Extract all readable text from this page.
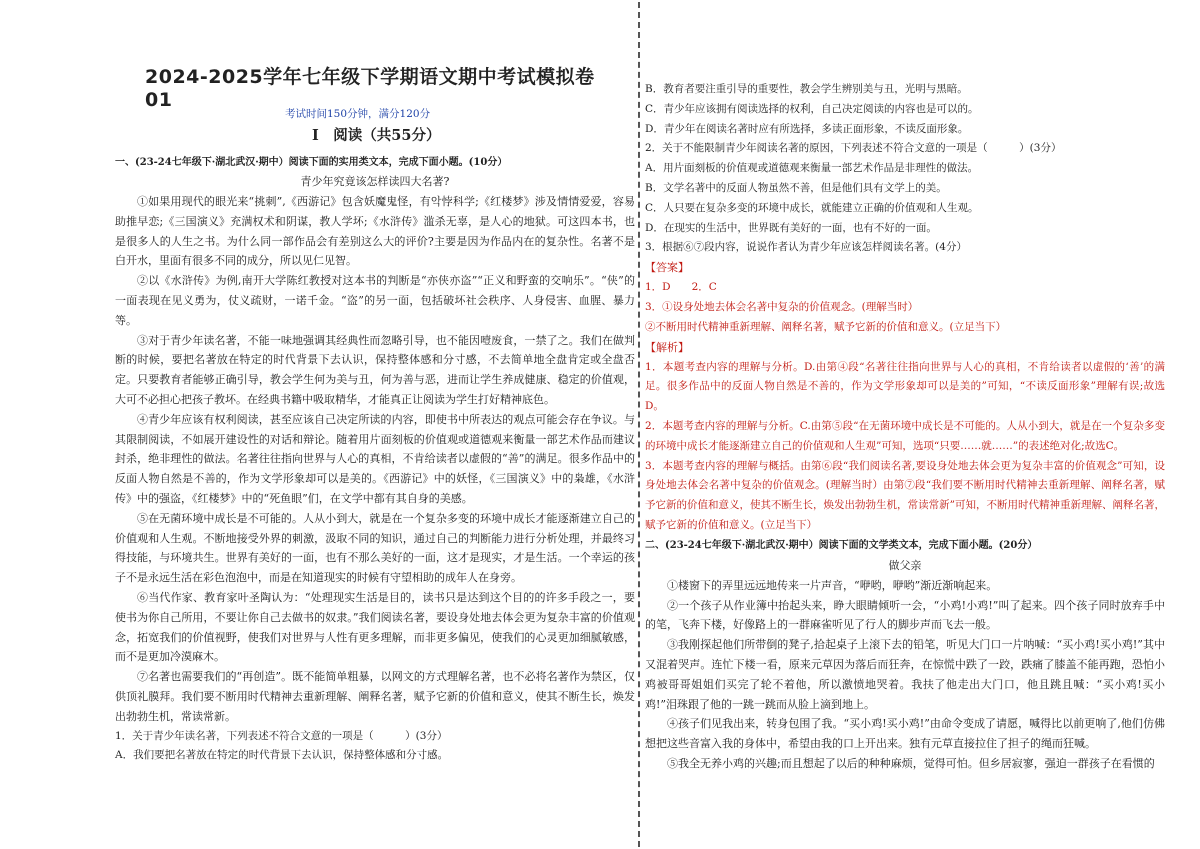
2024-2025学年七年级下学期语文期中考试模拟卷 01
考试时间150分钟，满分120分
Ⅰ　阅读（共55分）
一、(23-24七年级下·湖北武汉·期中）阅读下面的实用类文本，完成下面小题。(10分）
青少年究竟该怎样读四大名著?

①如果用现代的眼光来“挑刺”,《西游记》包含妖魔鬼怪，有악悖科学;《红楼梦》涉及情情爱爱，容易助推早恋;《三国演义》充满权术和阴谋，教人学坏;《水浒传》滥杀无辜，是人心的地狱。可这四本书，也是很多人的人生之书。为什么同一部作品会有差别这么大的评价?主要是因为作品内在的复杂性。名著不是白开水，里面有很多不同的成分，所以见仁见智。

②以《水浒传》为例,南开大学陈红教授对这本书的判断是“亦侠亦盗”“正义和野蛮的交响乐”。“侠”的一面表现在见义勇为，仗义疏财，一诺千金。“盗”的另一面，包括破坏社会秩序、人身侵害、血腥、暴力等。

③对于青少年读名著，不能一味地强调其经典性而忽略引导，也不能因噎废食，一禁了之。我们在做判断的时候，要把名著放在特定的时代背景下去认识，保持整体感和分寸感，不去简单地全盘肯定或全盘否定。只要教育者能够正确引导，教会学生何为美与丑，何为善与恶，进而让学生养成健康、稳定的价值观，大可不必担心把孩子教坏。在经典书籍中吸取精华，才能真正让阅读为学生打好精神底色。

④青少年应该有权利阅读，甚至应该自己决定所读的内容，即使书中所表达的观点可能会存在争议。与其限制阅读，不如展开建设性的对话和辩论。随着用片面刻板的价值观或道德观来衡量一部艺术作品而建议封杀，绝非理性的做法。名著往往指向世界与人心的真相，不肯给读者以虚假的“善”的满足。很多作品中的反面人物自然是不善的，作为文学形象却可以是美的。《西游记》中的妖怪，《三国演义》中的枭雄，《水浒传》中的强盗，《红楼梦》中的“死鱼眼”们，在文学中都有其自身的美感。

⑤在无菌环境中成长是不可能的。人从小到大，就是在一个复杂多变的环境中成长才能逐渐建立自己的价值观和人生观。不断地接受外界的刺激，汲取不同的知识，通过自己的判断能力进行分析处理，并最终习得技能，与环境共生。世界有美好的一面，也有不那么美好的一面，这才是现实，才是生活。一个幸运的孩子不是永远生活在彩色泡泡中，而是在知道现实的时候有守望相助的成年人在身旁。

⑥当代作家、教育家叶圣陶认为：“处理现实生活是目的，读书只是达到这个目的的许多手段之一，要使书为你自己所用，不要让你自己去做书的奴隶。”我们阅读名著，要设身处地去体会更为复杂丰富的价值观念，拓宽我们的价值视野，使我们对世界与人性有更多理解，而非更多偏见，使我们的心灵更加细腻敏感，而不是更加冷漠麻木。

⑦名著也需要我们的“再创造”。既不能简单粗暴，以网文的方式理解名著，也不必将名著作为禁区，仅供顶礼膜拜。我们要不断用时代精神去重新理解、阐释名著，赋予它新的价值和意义，使其不断生长，焕发出勃勃生机，常读常新。

1．关于青少年读名著，下列表述不符合文意的一项是（　　　）(3分）
A．我们要把名著放在特定的时代背景下去认识，保持整体感和分寸感。
B．教育者要注重引导的重要性，教会学生辨别美与丑，光明与黑暗。
C．青少年应该拥有阅读选择的权利，自己决定阅读的内容也是可以的。
D．青少年在阅读名著时应有所选择，多读正面形象，不读反面形象。
2．关于不能限制青少年阅读名著的原因，下列表述不符合文意的一项是（　　　）(3分）
A．用片面刻板的价值观或道德观来衡量一部艺术作品是非理性的做法。
B．文学名著中的反面人物虽然不善，但是他们具有文学上的美。
C．人只要在复杂多变的环境中成长，就能建立正确的价值观和人生观。
D．在现实的生活中，世界既有美好的一面，也有不好的一面。
3．根据⑥⑦段内容，说说作者认为青少年应该怎样阅读名著。(4分）
【答案】
1．D　　2．C
3．①设身处地去体会名著中复杂的价值观念。(理解当时）
②不断用时代精神重新理解、阐释名著，赋予它新的价值和意义。(立足当下）
【解析】

1．本题考查内容的理解与分析。D.由第④段“名著往往指向世界与人心的真相，不肯给读者以虚假的‘善’的满足。很多作品中的反面人物自然是不善的，作为文学形象却可以是美的”可知，“不读反面形象”理解有误;故选D。

2．本题考查内容的理解与分析。C.由第⑤段“在无菌环境中成长是不可能的。人从小到大，就是在一个复杂多变的环境中成长才能逐渐建立自己的价值观和人生观”可知，选项“只要……就……”的表述绝对化;故选C。

3．本题考查内容的理解与概括。由第⑥段“我们阅读名著,要设身处地去体会更为复杂丰富的价值观念”可知，设身处地去体会名著中复杂的价值观念。(理解当时）由第⑦段“我们要不断用时代精神去重新理解、阐释名著，赋予它新的价值和意义，使其不断生长，焕发出勃勃生机，常读常新”可知，不断用时代精神重新理解、阐释名著，赋予它新的价值和意义。(立足当下）

二、(23-24七年级下·湖北武汉·期中）阅读下面的文学类文本，完成下面小题。(20分）
做父亲

①楼窗下的弄里远远地传来一片声音，“咿哟，咿哟”渐近渐响起来。

②一个孩子从作业簿中抬起头来，睁大眼睛倾听一会，“小鸡!小鸡!”叫了起来。四个孩子同时放弃手中的笔，飞奔下楼，好像路上的一群麻雀听见了行人的脚步声而飞去一般。

③我刚探起他们所带倒的凳子,拾起桌子上滚下去的铅笔，听见大门口一片呐喊：“买小鸡!买小鸡!”其中又混着哭声。连忙下楼一看，原来元草因为落后而狂奔，在惊慌中跌了一跤，跌痛了膝盖不能再跑，恐怕小鸡被哥哥姐姐们买完了轮不着他，所以激愤地哭着。我扶了他走出大门口，他且跳且喊：“买小鸡!买小鸡!”泪珠跟了他的一跳一跳而从脸上滴到地上。

④孩子们见我出来，转身包围了我。“买小鸡!买小鸡!”由命令变成了请愿，喊得比以前更响了,他们仿佛想把这些音富入我的身体中，希望由我的口上开出来。独有元草直接拉住了担子的绳而狂喊。

⑤我全无养小鸡的兴趣;而且想起了以后的种种麻烦，觉得可怕。但乡居寂寥，强迫一群孩子在看惯的
